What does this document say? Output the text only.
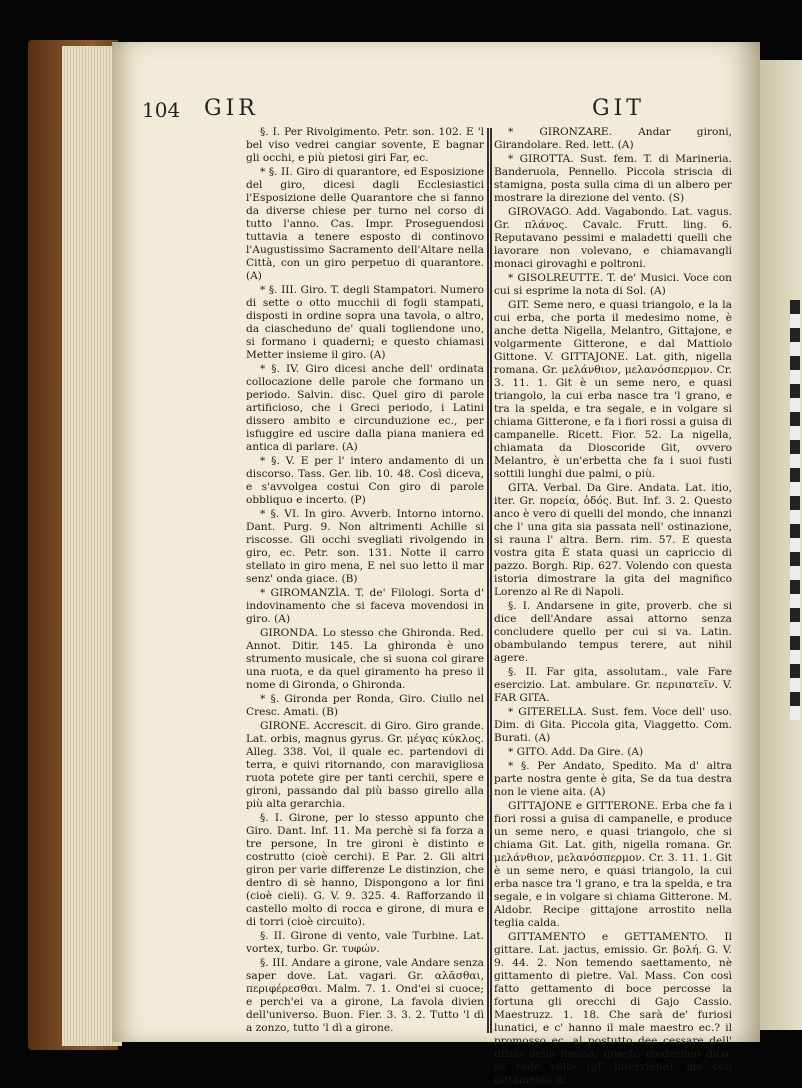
104 GIR	GIT

§. I. Per Rivolgimento. Petr. son. 102. E 'l bel viso vedrei cangiar sovente, E bagnar gli occhi, e più pietosi giri Far, ec.

* §. II. Giro di quarantore, ed Esposizione del giro, dicesi dagli Ecclesiastici l'Esposizione delle Quarantore che si fanno da diverse chiese per turno nel corso di tutto l'anno. Cas. Impr. Proseguendosi tuttavia a tenere esposto di continovo l'Augustissimo Sacramento dell'Altare nella Città, con un giro perpetuo di quarantore. (A)

* §. III. Giro. T. degli Stampatori. Numero di sette o otto mucchii di fogli stampati, disposti in ordine sopra una tavola, o altro, da ciascheduno de' quali togliendone uno, si formano i quaderni; e questo chiamasi Metter insieme il giro. (A)

* §. IV. Giro dicesi anche dell' ordinata collocazione delle parole che formano un periodo. Salvin. disc. Quel giro di parole artificioso, che i Greci periodo, i Latini dissero ambito e circunduzione ec., per isfuggire ed uscire dalla piana maniera ed antica di parlare. (A)

* §. V. E per l' intero andamento di un discorso. Tass. Ger. lib. 10. 48. Così diceva, e s'avvolgea costui Con giro di parole obbliquo e incerto. (P)

* §. VI. In giro. Avverb. Intorno intorno. Dant. Purg. 9. Non altrimenti Achille si riscosse. Gli occhi svegliati rivolgendo in giro, ec. Petr. son. 131. Notte il carro stellato in giro mena, E nel suo letto il mar senz' onda giace. (B)

* GIROMANZÌA. T. de' Filologi. Sorta d' indovinamento che si faceva movendosi in giro. (A)

GIRONDA. Lo stesso che Ghironda. Red. Annot. Ditir. 145. La ghironda è uno strumento musicale, che si suona col girare una ruota, e da quel giramento ha preso il nome di Gironda, o Ghironda.

* §. Gironda per Ronda, Giro. Ciullo nel Cresc. Amati. (B)

GIRONE. Accrescit. di Giro. Giro grande. Lat. orbis, magnus gyrus. Gr. μέγας κύκλος. Alleg. 338. Voi, il quale ec. partendovi di terra, e quivi ritornando, con maravigliosa ruota potete gire per tanti cerchii, spere e gironi, passando dal più basso girello alla più alta gerarchia.

§. I. Girone, per lo stesso appunto che Giro. Dant. Inf. 11. Ma perchè si fa forza a tre persone, In tre gironi è distinto e costrutto (cioè cerchi). E Par. 2. Gli altri giron per varie differenze Le distinzion, che dentro di sè hanno, Dispongono a lor fini (cioè cieli). G. V. 9. 325. 4. Rafforzando il castello molto di rocca e girone, di mura e di torri (cioè circuito).

§. II. Girone di vento, vale Turbine. Lat. vortex, turbo. Gr. τυφών.

§. III. Andare a girone, vale Andare senza saper dove. Lat. vagari. Gr. αλᾶσθαι, περιφέρεσθαι. Malm. 7. 1. Ond'ei si cuoce; e perch'ei va a girone, La favola divien dell'universo. Buon. Fier. 3. 3. 2. Tutto 'l dì a zonzo, tutto 'l dì a girone.

* GIRONZARE. Andar gironi, Girandolare. Red. lett. (A)

* GIROTTA. Sust. fem. T. di Marineria. Banderuola, Pennello. Piccola striscia di stamigna, posta sulla cima di un albero per mostrare la direzione del vento. (S)

GIROVAGO. Add. Vagabondo. Lat. vagus. Gr. πλάνος. Cavalc. Frutt. ling. 6. Reputavano pessimi e maladetti quelli che lavorare non volevano, e chiamavangli monaci girovaghi e poltroni.

* GISOLREUTTE. T. de' Musici. Voce con cui si esprime la nota di Sol. (A)

GIT. Seme nero, e quasi triangolo, e la la cui erba, che porta il medesimo nome, è anche detta Nigella, Melantro, Gittajone, e volgarmente Gitterone, e dal Mattiolo Gittone. V. GITTAJONE. Lat. gith, nigella romana. Gr. μελάνθιον, μελανόσπερμον. Cr. 3. 11. 1. Git è un seme nero, e quasi triangolo, la cui erba nasce tra 'l grano, e tra la spelda, e tra segale, e in volgare si chiama Gitterone, e fa i fiori rossi a guisa di campanelle. Ricett. Fior. 52. La nigella, chiamata da Dioscoride Git, ovvero Melantro, è un'erbetta che fa i suoi fusti sottili lunghi due palmi, o più.

GITA. Verbal. Da Gire. Andata. Lat. itio, iter. Gr. πορεία, ὁδός. But. Inf. 3. 2. Questo anco è vero di quelli del mondo, che innanzi che l' una gita sia passata nell' ostinazione, si rauna l' altra. Bern. rim. 57. E questa vostra gita È stata quasi un capriccio di pazzo. Borgh. Rip. 627. Volendo con questa istoria dimostrare la gita del magnifico Lorenzo al Re di Napoli.

§. I. Andarsene in gite, proverb. che si dice dell'Andare assai attorno senza concludere quello per cui si va. Latin. obambulando tempus terere, aut nihil agere.

§. II. Far gita, assolutam., vale Fare esercizio. Lat. ambulare. Gr. περιπατεῖν. V. FAR GITA.

* GITERELLA. Sust. fem. Voce dell' uso. Dim. di Gita. Piccola gita, Viaggetto. Com. Burati. (A)

* GITO. Add. Da Gire. (A)

* §. Per Andato, Spedito. Ma d' altra parte nostra gente è gita, Se da tua destra non le viene aita. (A)

GITTAJONE e GITTERONE. Erba che fa i fiori rossi a guisa di campanelle, e produce un seme nero, e quasi triangolo, che si chiama Git. Lat. gith, nigella romana. Gr. μελάνθιον, μελανόσπερμον. Cr. 3. 11. 1. Git è un seme nero, e quasi triangolo, la cui erba nasce tra 'l grano, e tra la spelda, e tra segale, e in volgare si chiama Gitterone. M. Aldobr. Recipe gittajone arrostito nella teglia calda.

GITTAMENTO e GETTAMENTO. Il gittare. Lat. jactus, emissio. Gr. βολή. G. V. 9. 44. 2. Non temendo saettamento, nè gittamento di pietre. Val. Mass. Con così fatto gettamento di boce percosse la fortuna gli orecchi di Gajo Cassio. Maestruzz. 1. 18. Che sarà de' furiosi lunatici, e c' hanno il male maestro ec.? il promosso ec. al postutto dee cessare dell' ufizio della messa; questo medesimo dico, se rade volte (gl' interviene), ma con gittamento di
